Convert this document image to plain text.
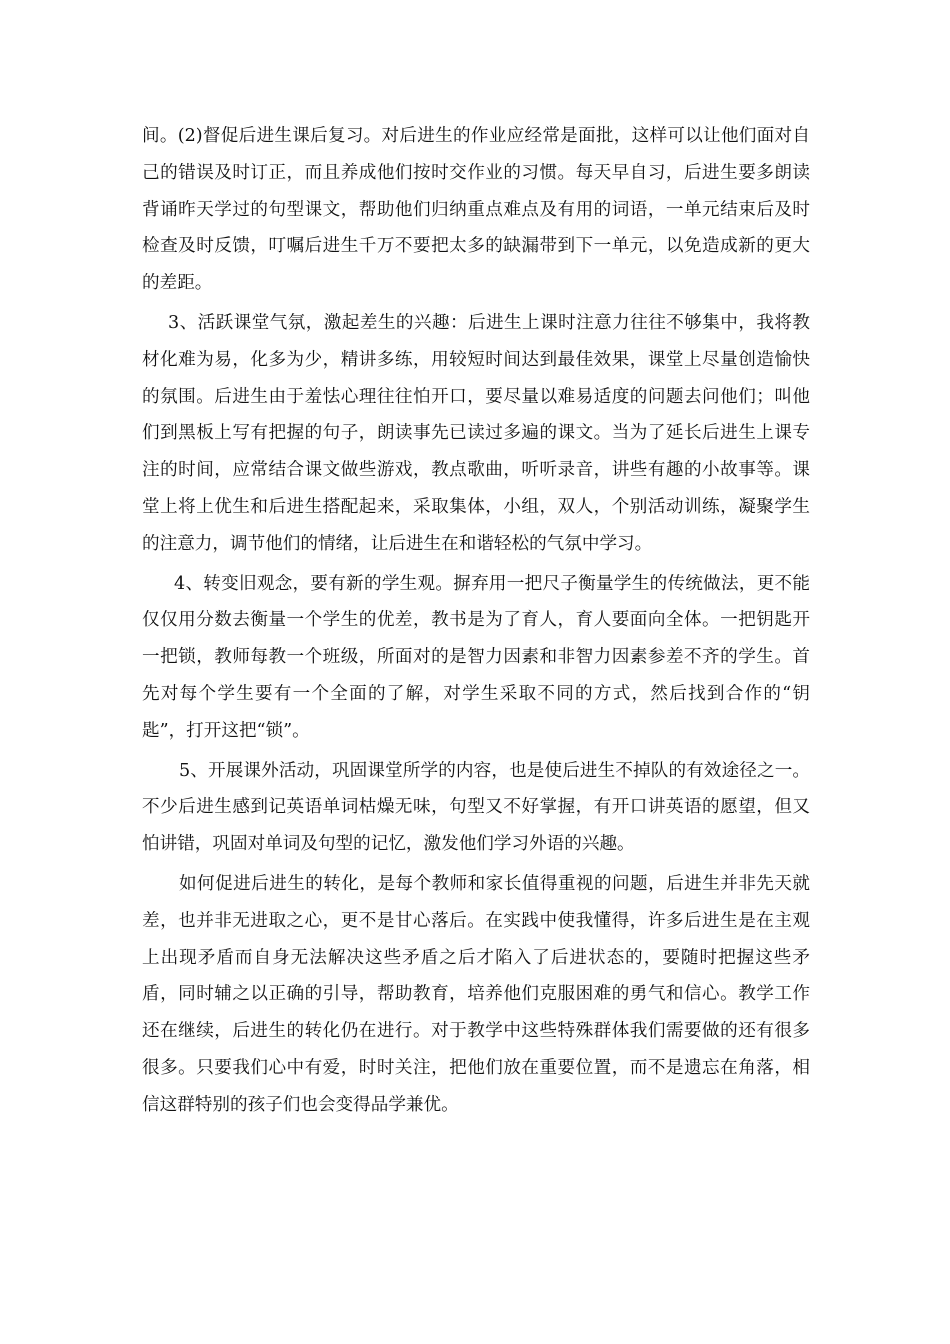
间。(2)督促后进生课后复习。对后进生的作业应经常是面批，这样可以让他们面对自己的错误及时订正，而且养成他们按时交作业的习惯。每天早自习，后进生要多朗读背诵昨天学过的句型课文，帮助他们归纳重点难点及有用的词语，一单元结束后及时检查及时反馈，叮嘱后进生千万不要把太多的缺漏带到下一单元，以免造成新的更大的差距。

3、活跃课堂气氛，激起差生的兴趣：后进生上课时注意力往往不够集中，我将教材化难为易，化多为少，精讲多练，用较短时间达到最佳效果，课堂上尽量创造愉快的氛围。后进生由于羞怯心理往往怕开口，要尽量以难易适度的问题去问他们；叫他们到黑板上写有把握的句子，朗读事先已读过多遍的课文。当为了延长后进生上课专注的时间，应常结合课文做些游戏，教点歌曲，听听录音，讲些有趣的小故事等。课堂上将上优生和后进生搭配起来，采取集体，小组，双人，个别活动训练，凝聚学生的注意力，调节他们的情绪，让后进生在和谐轻松的气氛中学习。

4、转变旧观念，要有新的学生观。摒弃用一把尺子衡量学生的传统做法，更不能仅仅用分数去衡量一个学生的优差，教书是为了育人，育人要面向全体。一把钥匙开一把锁，教师每教一个班级，所面对的是智力因素和非智力因素参差不齐的学生。首先对每个学生要有一个全面的了解，对学生采取不同的方式，然后找到合作的“钥匙”，打开这把“锁”。

5、开展课外活动，巩固课堂所学的内容，也是使后进生不掉队的有效途径之一。不少后进生感到记英语单词枯燥无味，句型又不好掌握，有开口讲英语的愿望，但又怕讲错，巩固对单词及句型的记忆，激发他们学习外语的兴趣。

如何促进后进生的转化，是每个教师和家长值得重视的问题，后进生并非先天就差，也并非无进取之心，更不是甘心落后。在实践中使我懂得，许多后进生是在主观上出现矛盾而自身无法解决这些矛盾之后才陷入了后进状态的，要随时把握这些矛盾，同时辅之以正确的引导，帮助教育，培养他们克服困难的勇气和信心。教学工作还在继续，后进生的转化仍在进行。对于教学中这些特殊群体我们需要做的还有很多很多。只要我们心中有爱，时时关注，把他们放在重要位置，而不是遗忘在角落，相信这群特别的孩子们也会变得品学兼优。
